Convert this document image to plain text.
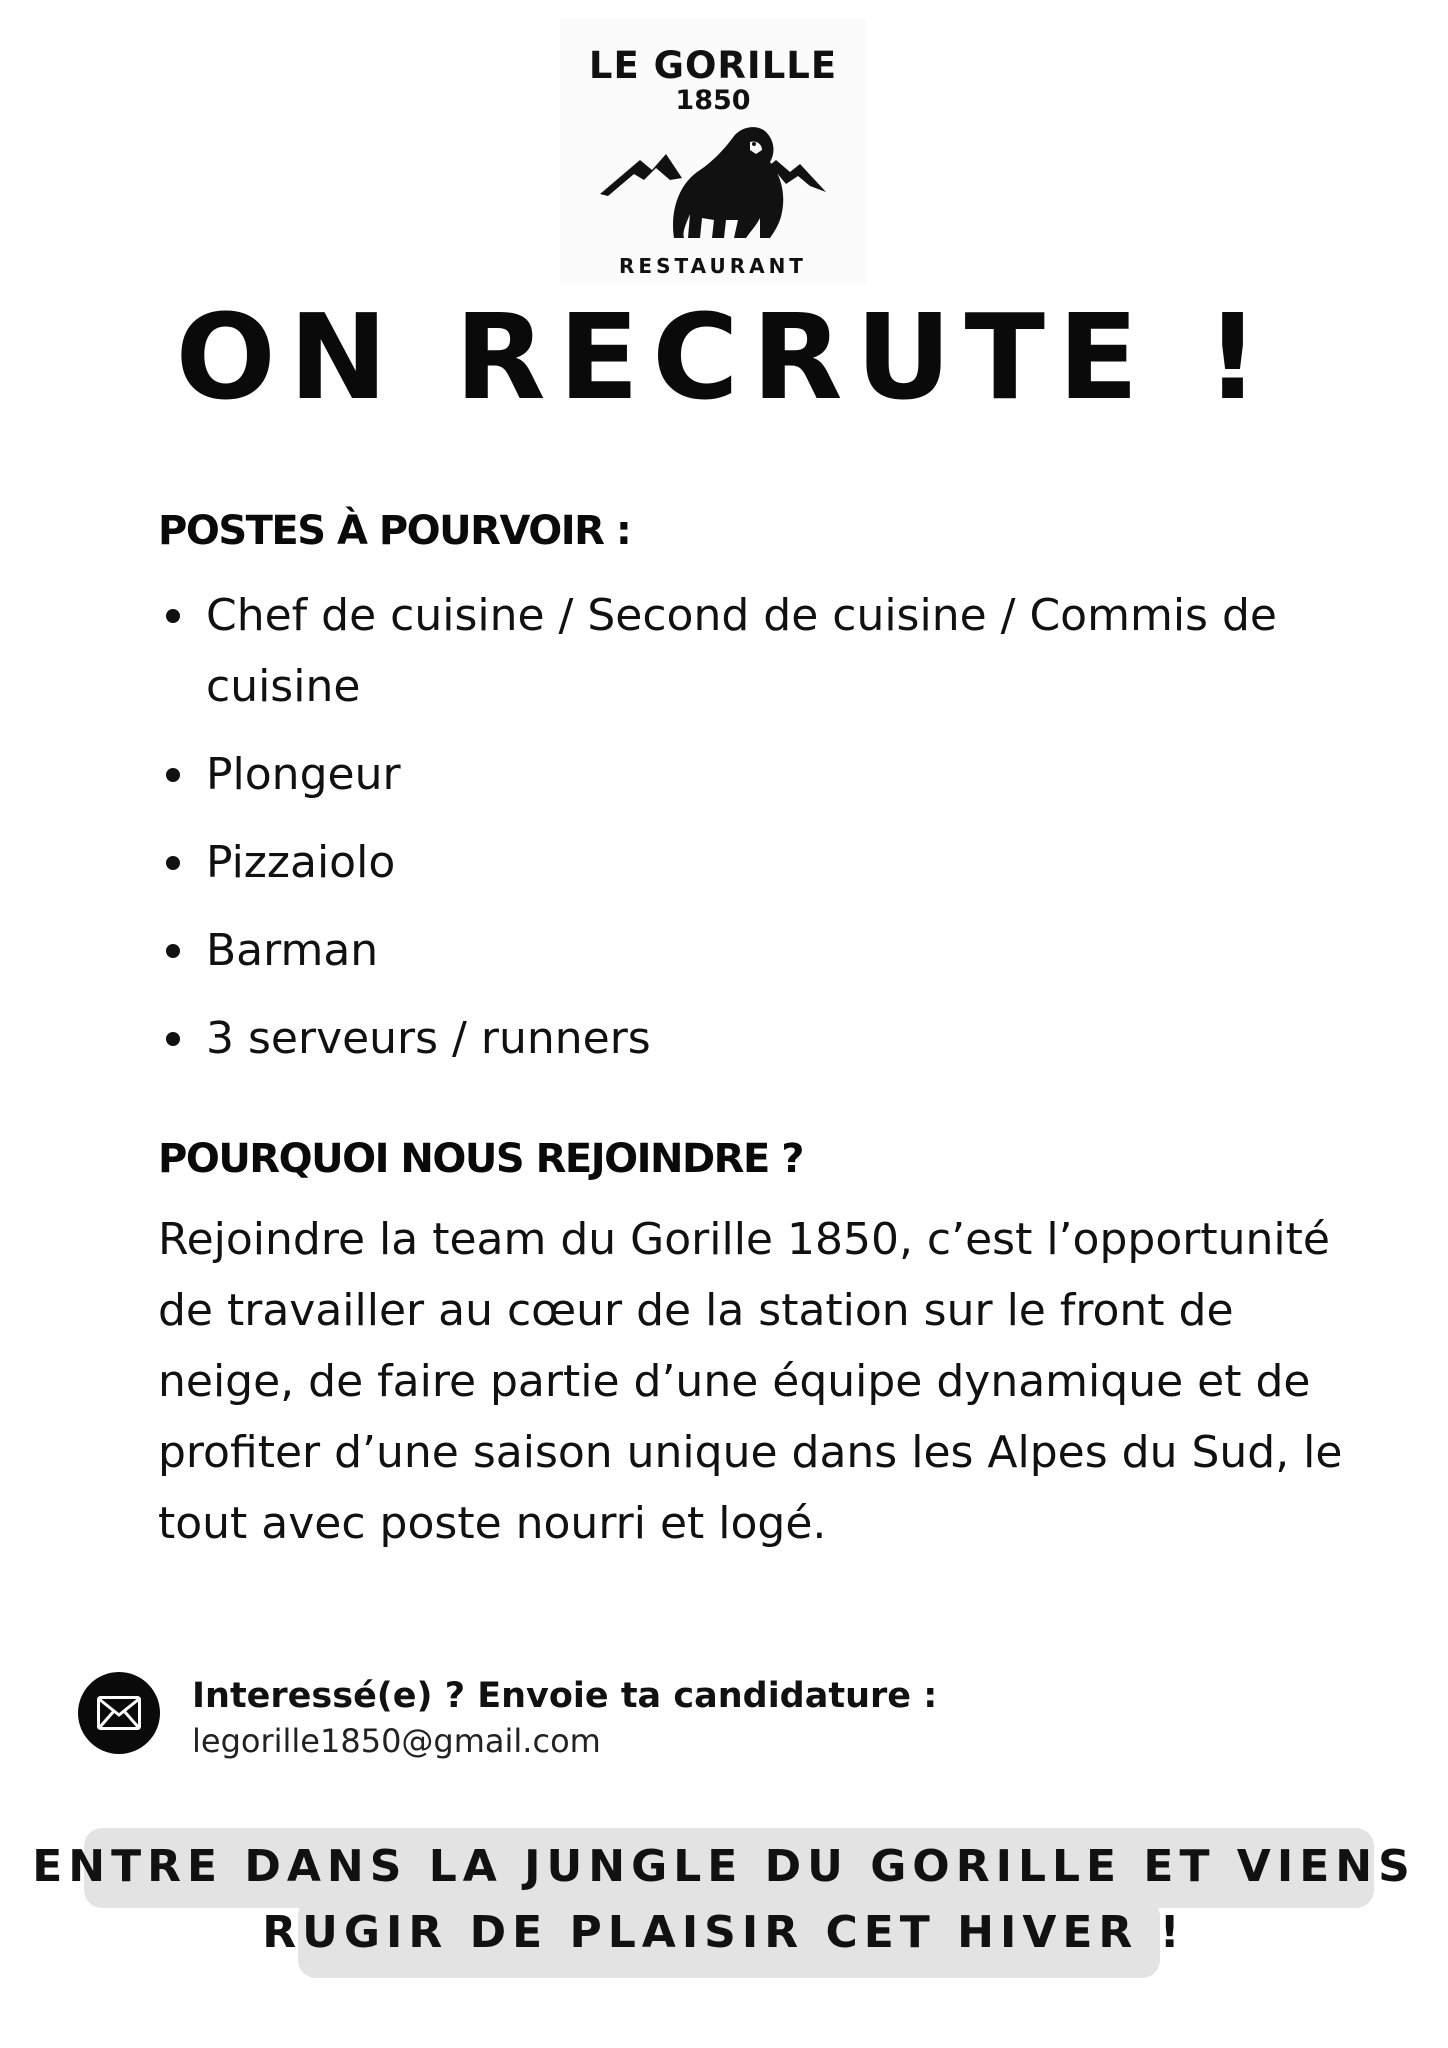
LE GORILLE
1850
RESTAURANT
ON RECRUTE !
POSTES À POURVOIR :
Chef de cuisine / Second de cuisine / Commis de cuisine
Plongeur
Pizzaiolo
Barman
3 serveurs / runners
POURQUOI NOUS REJOINDRE ?

Rejoindre la team du Gorille 1850, c’est l’opportunité de travailler au cœur de la station sur le front de neige, de faire partie d’une équipe dynamique et de profiter d’une saison unique dans les Alpes du Sud, le tout avec poste nourri et logé.

Interessé(e) ? Envoie ta candidature :
legorille1850@gmail.com
ENTRE DANS LA JUNGLE DU GORILLE ET VIENS
RUGIR DE PLAISIR CET HIVER !
